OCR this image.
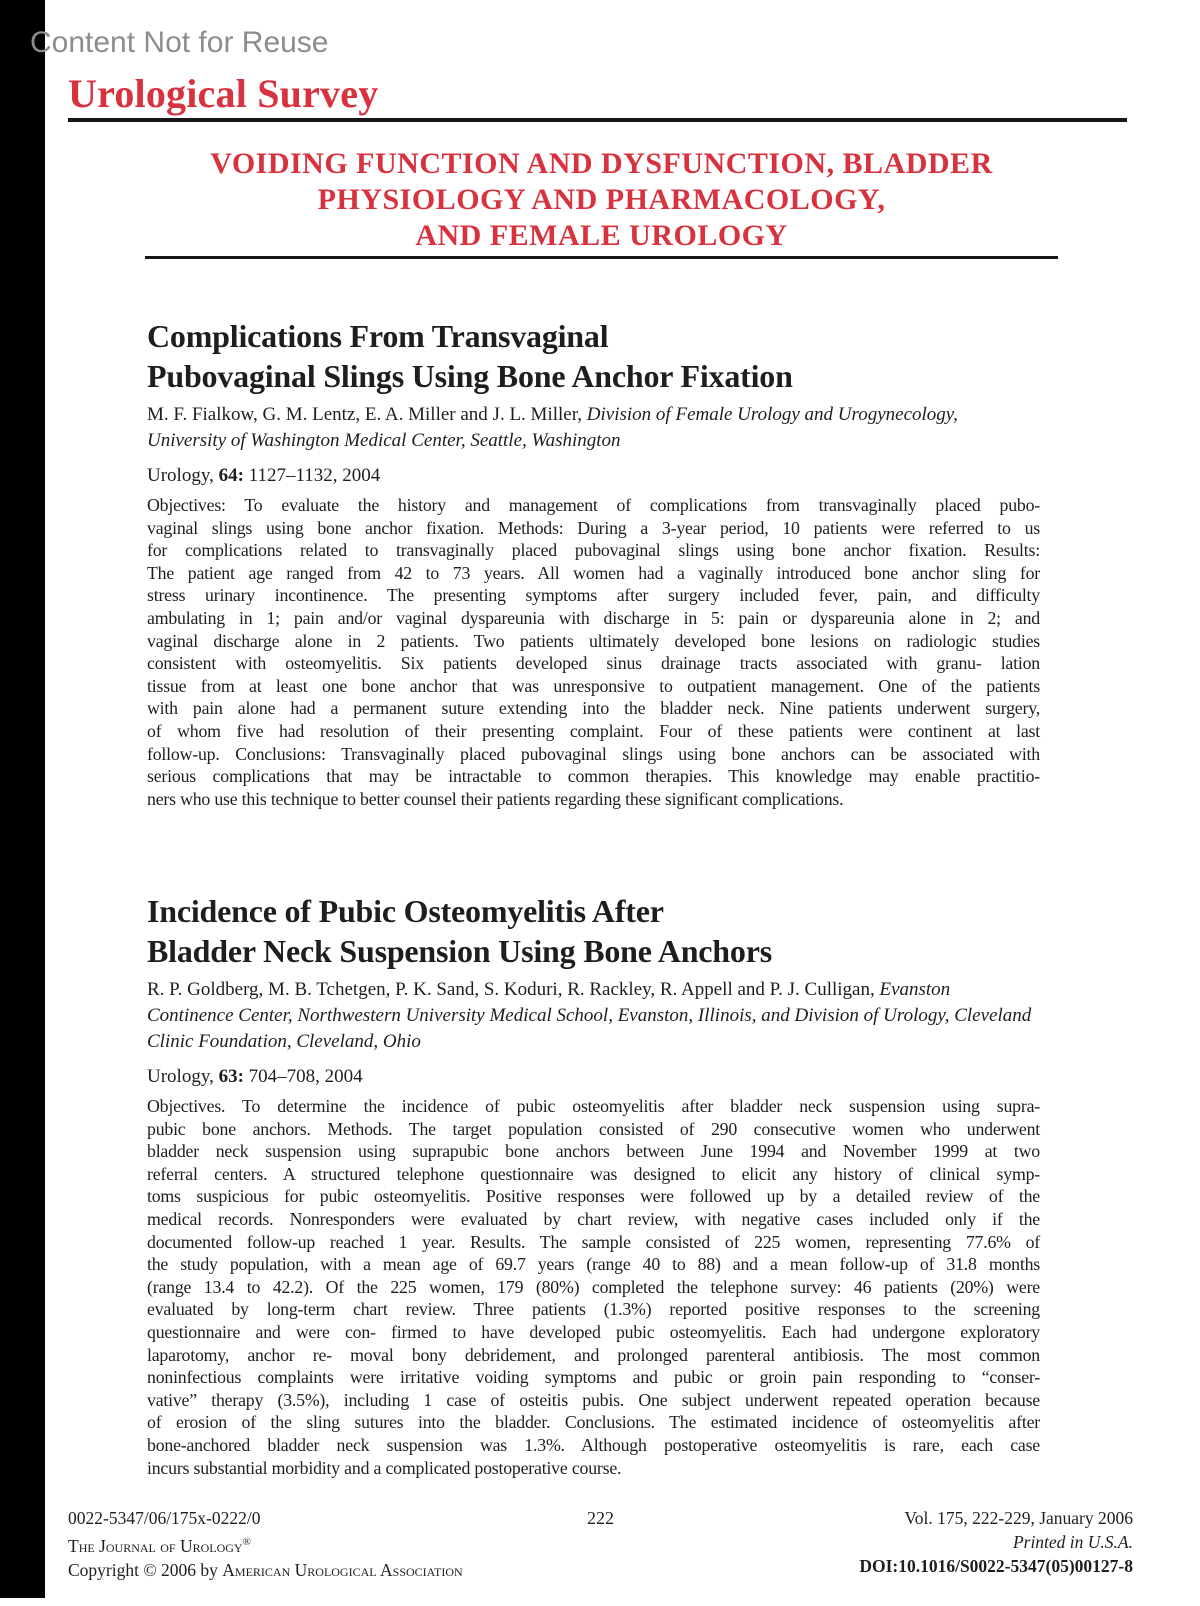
Content Not for Reuse
Urological Survey
VOIDING FUNCTION AND DYSFUNCTION, BLADDER
PHYSIOLOGY AND PHARMACOLOGY,
AND FEMALE UROLOGY
Complications From Transvaginal
Pubovaginal Slings Using Bone Anchor Fixation

M. F. Fialkow, G. M. Lentz, E. A. Miller and J. L. Miller, Division of Female Urology and Urogynecology, University of Washington Medical Center, Seattle, Washington

Urology, 64: 1127–1132, 2004

Objectives: To evaluate the history and management of complications from transvaginally placed pubo-
vaginal slings using bone anchor fixation. Methods: During a 3-year period, 10 patients were referred to us
for complications related to transvaginally placed pubovaginal slings using bone anchor fixation. Results:
The patient age ranged from 42 to 73 years. All women had a vaginally introduced bone anchor sling for
stress urinary incontinence. The presenting symptoms after surgery included fever, pain, and difficulty
ambulating in 1; pain and/or vaginal dyspareunia with discharge in 5: pain or dyspareunia alone in 2; and
vaginal discharge alone in 2 patients. Two patients ultimately developed bone lesions on radiologic studies
consistent with osteomyelitis. Six patients developed sinus drainage tracts associated with granu- lation
tissue from at least one bone anchor that was unresponsive to outpatient management. One of the patients
with pain alone had a permanent suture extending into the bladder neck. Nine patients underwent surgery,
of whom five had resolution of their presenting complaint. Four of these patients were continent at last
follow-up. Conclusions: Transvaginally placed pubovaginal slings using bone anchors can be associated with
serious complications that may be intractable to common therapies. This knowledge may enable practitio-
ners who use this technique to better counsel their patients regarding these significant complications.
Incidence of Pubic Osteomyelitis After
Bladder Neck Suspension Using Bone Anchors

R. P. Goldberg, M. B. Tchetgen, P. K. Sand, S. Koduri, R. Rackley, R. Appell and P. J. Culligan, Evanston Continence Center, Northwestern University Medical School, Evanston, Illinois, and Division of Urology, Cleveland Clinic Foundation, Cleveland, Ohio

Urology, 63: 704–708, 2004

Objectives. To determine the incidence of pubic osteomyelitis after bladder neck suspension using supra-
pubic bone anchors. Methods. The target population consisted of 290 consecutive women who underwent
bladder neck suspension using suprapubic bone anchors between June 1994 and November 1999 at two
referral centers. A structured telephone questionnaire was designed to elicit any history of clinical symp-
toms suspicious for pubic osteomyelitis. Positive responses were followed up by a detailed review of the
medical records. Nonresponders were evaluated by chart review, with negative cases included only if the
documented follow-up reached 1 year. Results. The sample consisted of 225 women, representing 77.6% of
the study population, with a mean age of 69.7 years (range 40 to 88) and a mean follow-up of 31.8 months
(range 13.4 to 42.2). Of the 225 women, 179 (80%) completed the telephone survey: 46 patients (20%) were
evaluated by long-term chart review. Three patients (1.3%) reported positive responses to the screening
questionnaire and were con- firmed to have developed pubic osteomyelitis. Each had undergone exploratory
laparotomy, anchor re- moval bony debridement, and prolonged parenteral antibiosis. The most common
noninfectious complaints were irritative voiding symptoms and pubic or groin pain responding to “conser-
vative” therapy (3.5%), including 1 case of osteitis pubis. One subject underwent repeated operation because
of erosion of the sling sutures into the bladder. Conclusions. The estimated incidence of osteomyelitis after
bone-anchored bladder neck suspension was 1.3%. Although postoperative osteomyelitis is rare, each case
incurs substantial morbidity and a complicated postoperative course.
0022-5347/06/175x-0222/0
The Journal of Urology®
Copyright © 2006 by American Urological Association
222	Vol. 175, 222-229, January 2006
Printed in U.S.A.
DOI:10.1016/S0022-5347(05)00127-8
